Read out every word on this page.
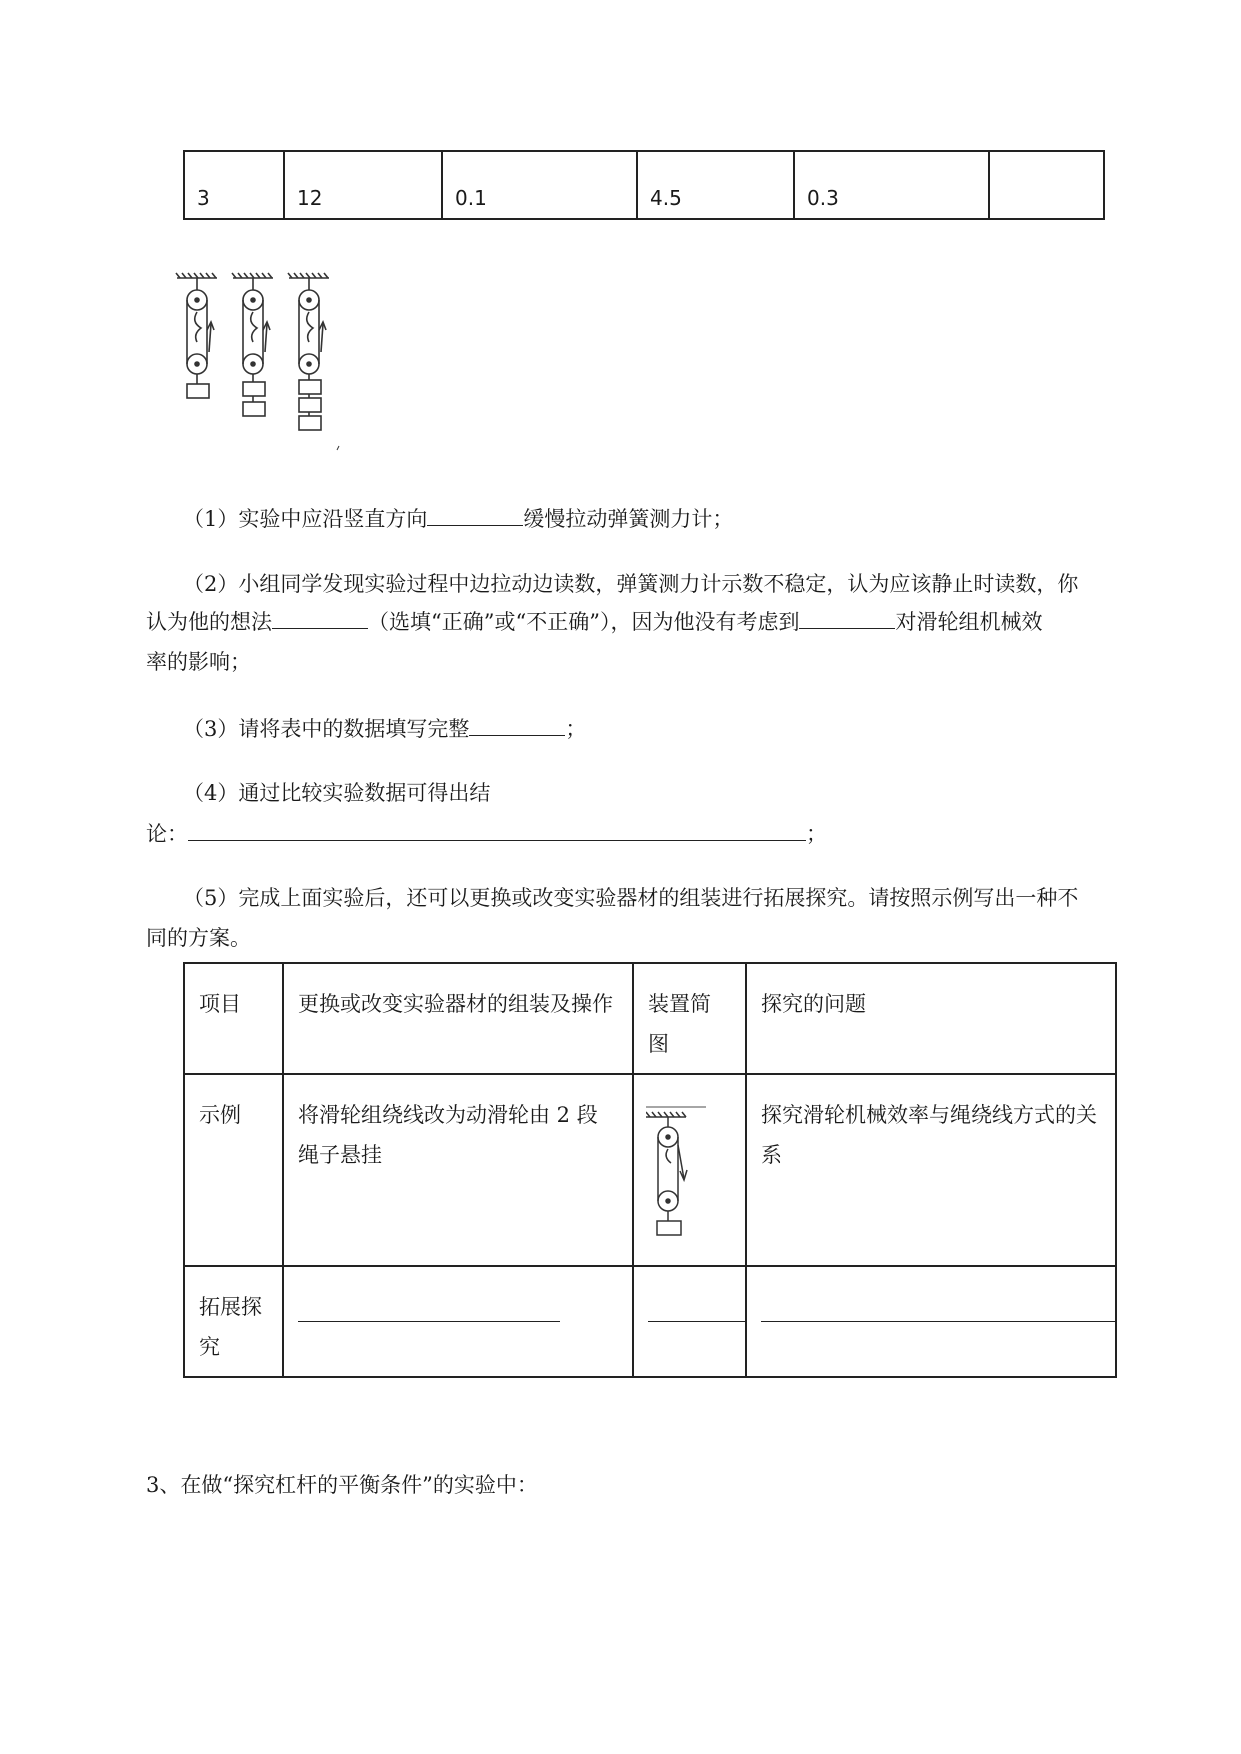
3	12	0.1	4.5	0.3	
（1）实验中应沿竖直方向	缓慢拉动弹簧测力计；
（2）小组同学发现实验过程中边拉动边读数，弹簧测力计示数不稳定，认为应该静止时读数，你
认为他的想法	（选填“正确”或“不正确”），因为他没有考虑到	对滑轮组机械效
率的影响；
（3）请将表中的数据填写完整	；
（4）通过比较实验数据可得出结
论：	；
（5）完成上面实验后，还可以更换或改变实验器材的组装进行拓展探究。请按照示例写出一种不
同的方案。
项目	更换或改变实验器材的组装及操作	装置简图	探究的问题
示例	将滑轮组绕线改为动滑轮由 2 段绳子悬挂		探究滑轮机械效率与绳绕线方式的关系
拓展探究	

3、在做“探究杠杆的平衡条件”的实验中：
